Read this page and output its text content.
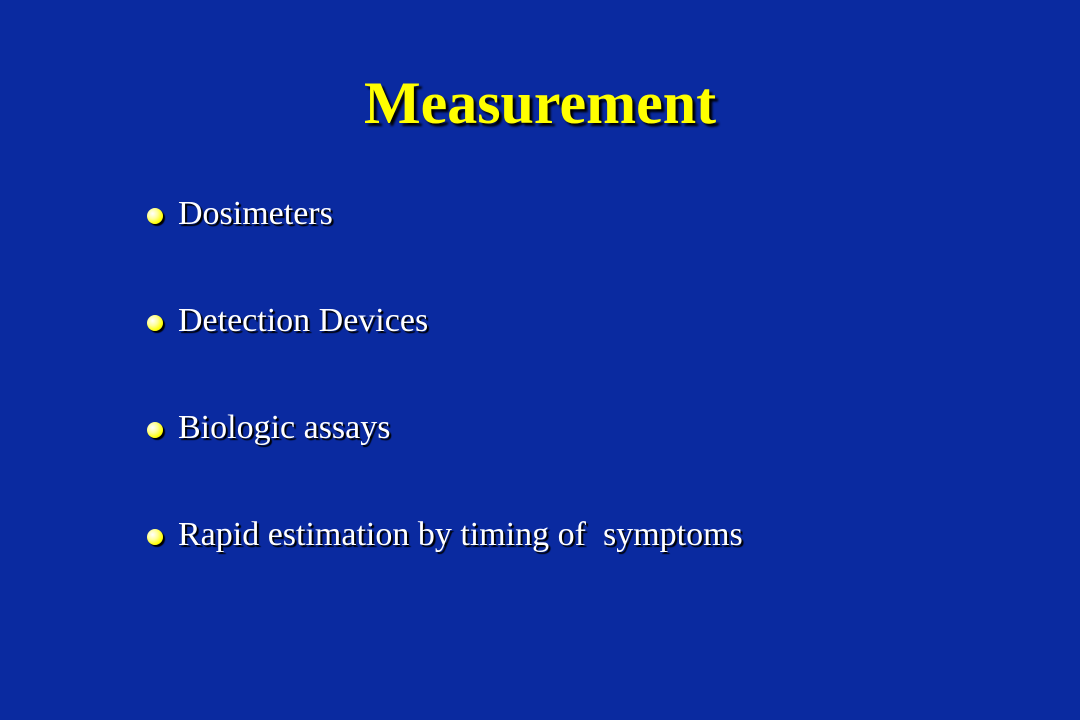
Measurement
Dosimeters
Detection Devices
Biologic assays
Rapid estimation by timing of  symptoms
